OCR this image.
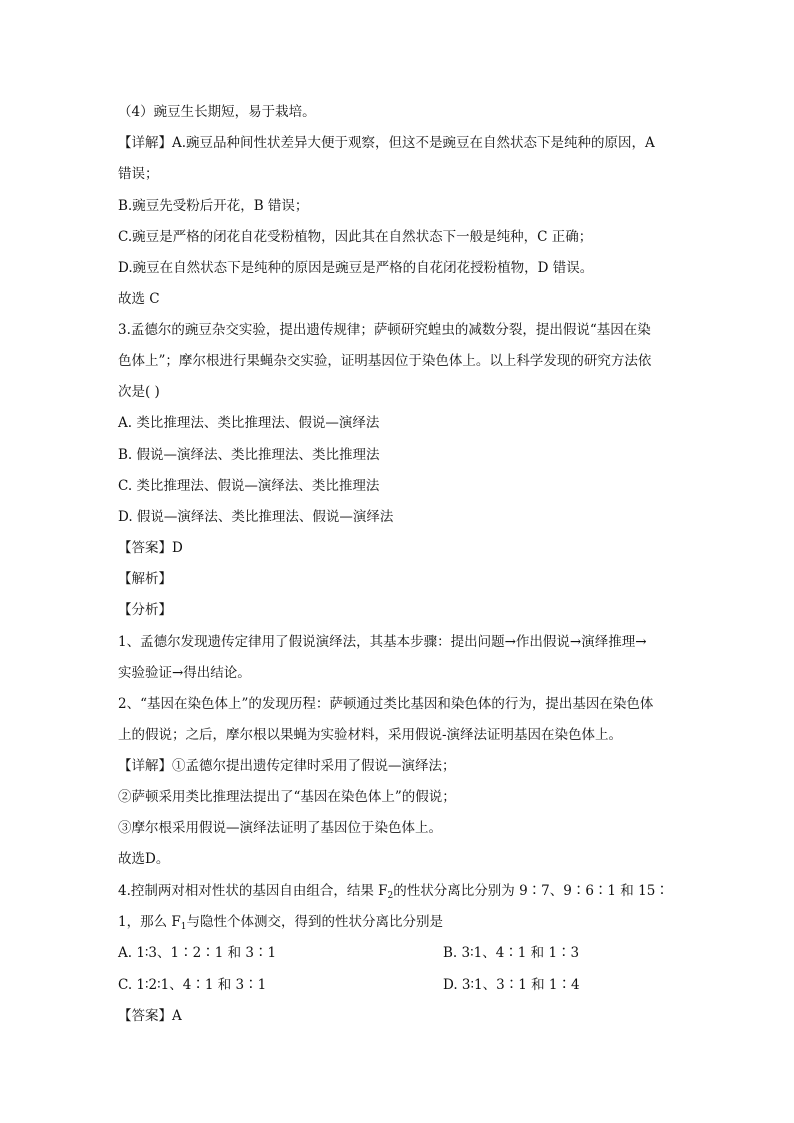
（4）豌豆生长期短，易于栽培。
【详解】A.豌豆品种间性状差异大便于观察，但这不是豌豆在自然状态下是纯种的原因，A
错误；
B.豌豆先受粉后开花，B 错误；
C.豌豆是严格的闭花自花受粉植物，因此其在自然状态下一般是纯种，C 正确；
D.豌豆在自然状态下是纯种的原因是豌豆是严格的自花闭花授粉植物，D 错误。
故选 C
3.孟德尔的豌豆杂交实验，提出遗传规律；萨顿研究蝗虫的减数分裂，提出假说“基因在染
色体上”；摩尔根进行果蝇杂交实验，证明基因位于染色体上。以上科学发现的研究方法依
次是( )
A. 类比推理法、类比推理法、假说—演绎法
B. 假说—演绎法、类比推理法、类比推理法
C. 类比推理法、假说—演绎法、类比推理法
D. 假说—演绎法、类比推理法、假说—演绎法
【答案】D
【解析】
【分析】
1、孟德尔发现遗传定律用了假说演绎法，其基本步骤：提出问题→作出假说→演绎推理→
实验验证→得出结论。
2、“基因在染色体上”的发现历程：萨顿通过类比基因和染色体的行为，提出基因在染色体
上的假说；之后，摩尔根以果蝇为实验材料，采用假说-演绎法证明基因在染色体上。
【详解】①孟德尔提出遗传定律时采用了假说—演绎法；
②萨顿采用类比推理法提出了“基因在染色体上”的假说；
③摩尔根采用假说—演绎法证明了基因位于染色体上。
故选D。
4.控制两对相对性状的基因自由组合，结果 $F_2$的性状分离比分别为 9∶7、9∶6∶1 和 15∶
1，那么 $F_1$与隐性个体测交，得到的性状分离比分别是
A. 1∶3、1∶2∶1 和 3∶1	B. 3∶1、4∶1 和 1∶3
C. 1∶2∶1、4∶1 和 3∶1	D. 3∶1、3∶1 和 1∶4
【答案】A
